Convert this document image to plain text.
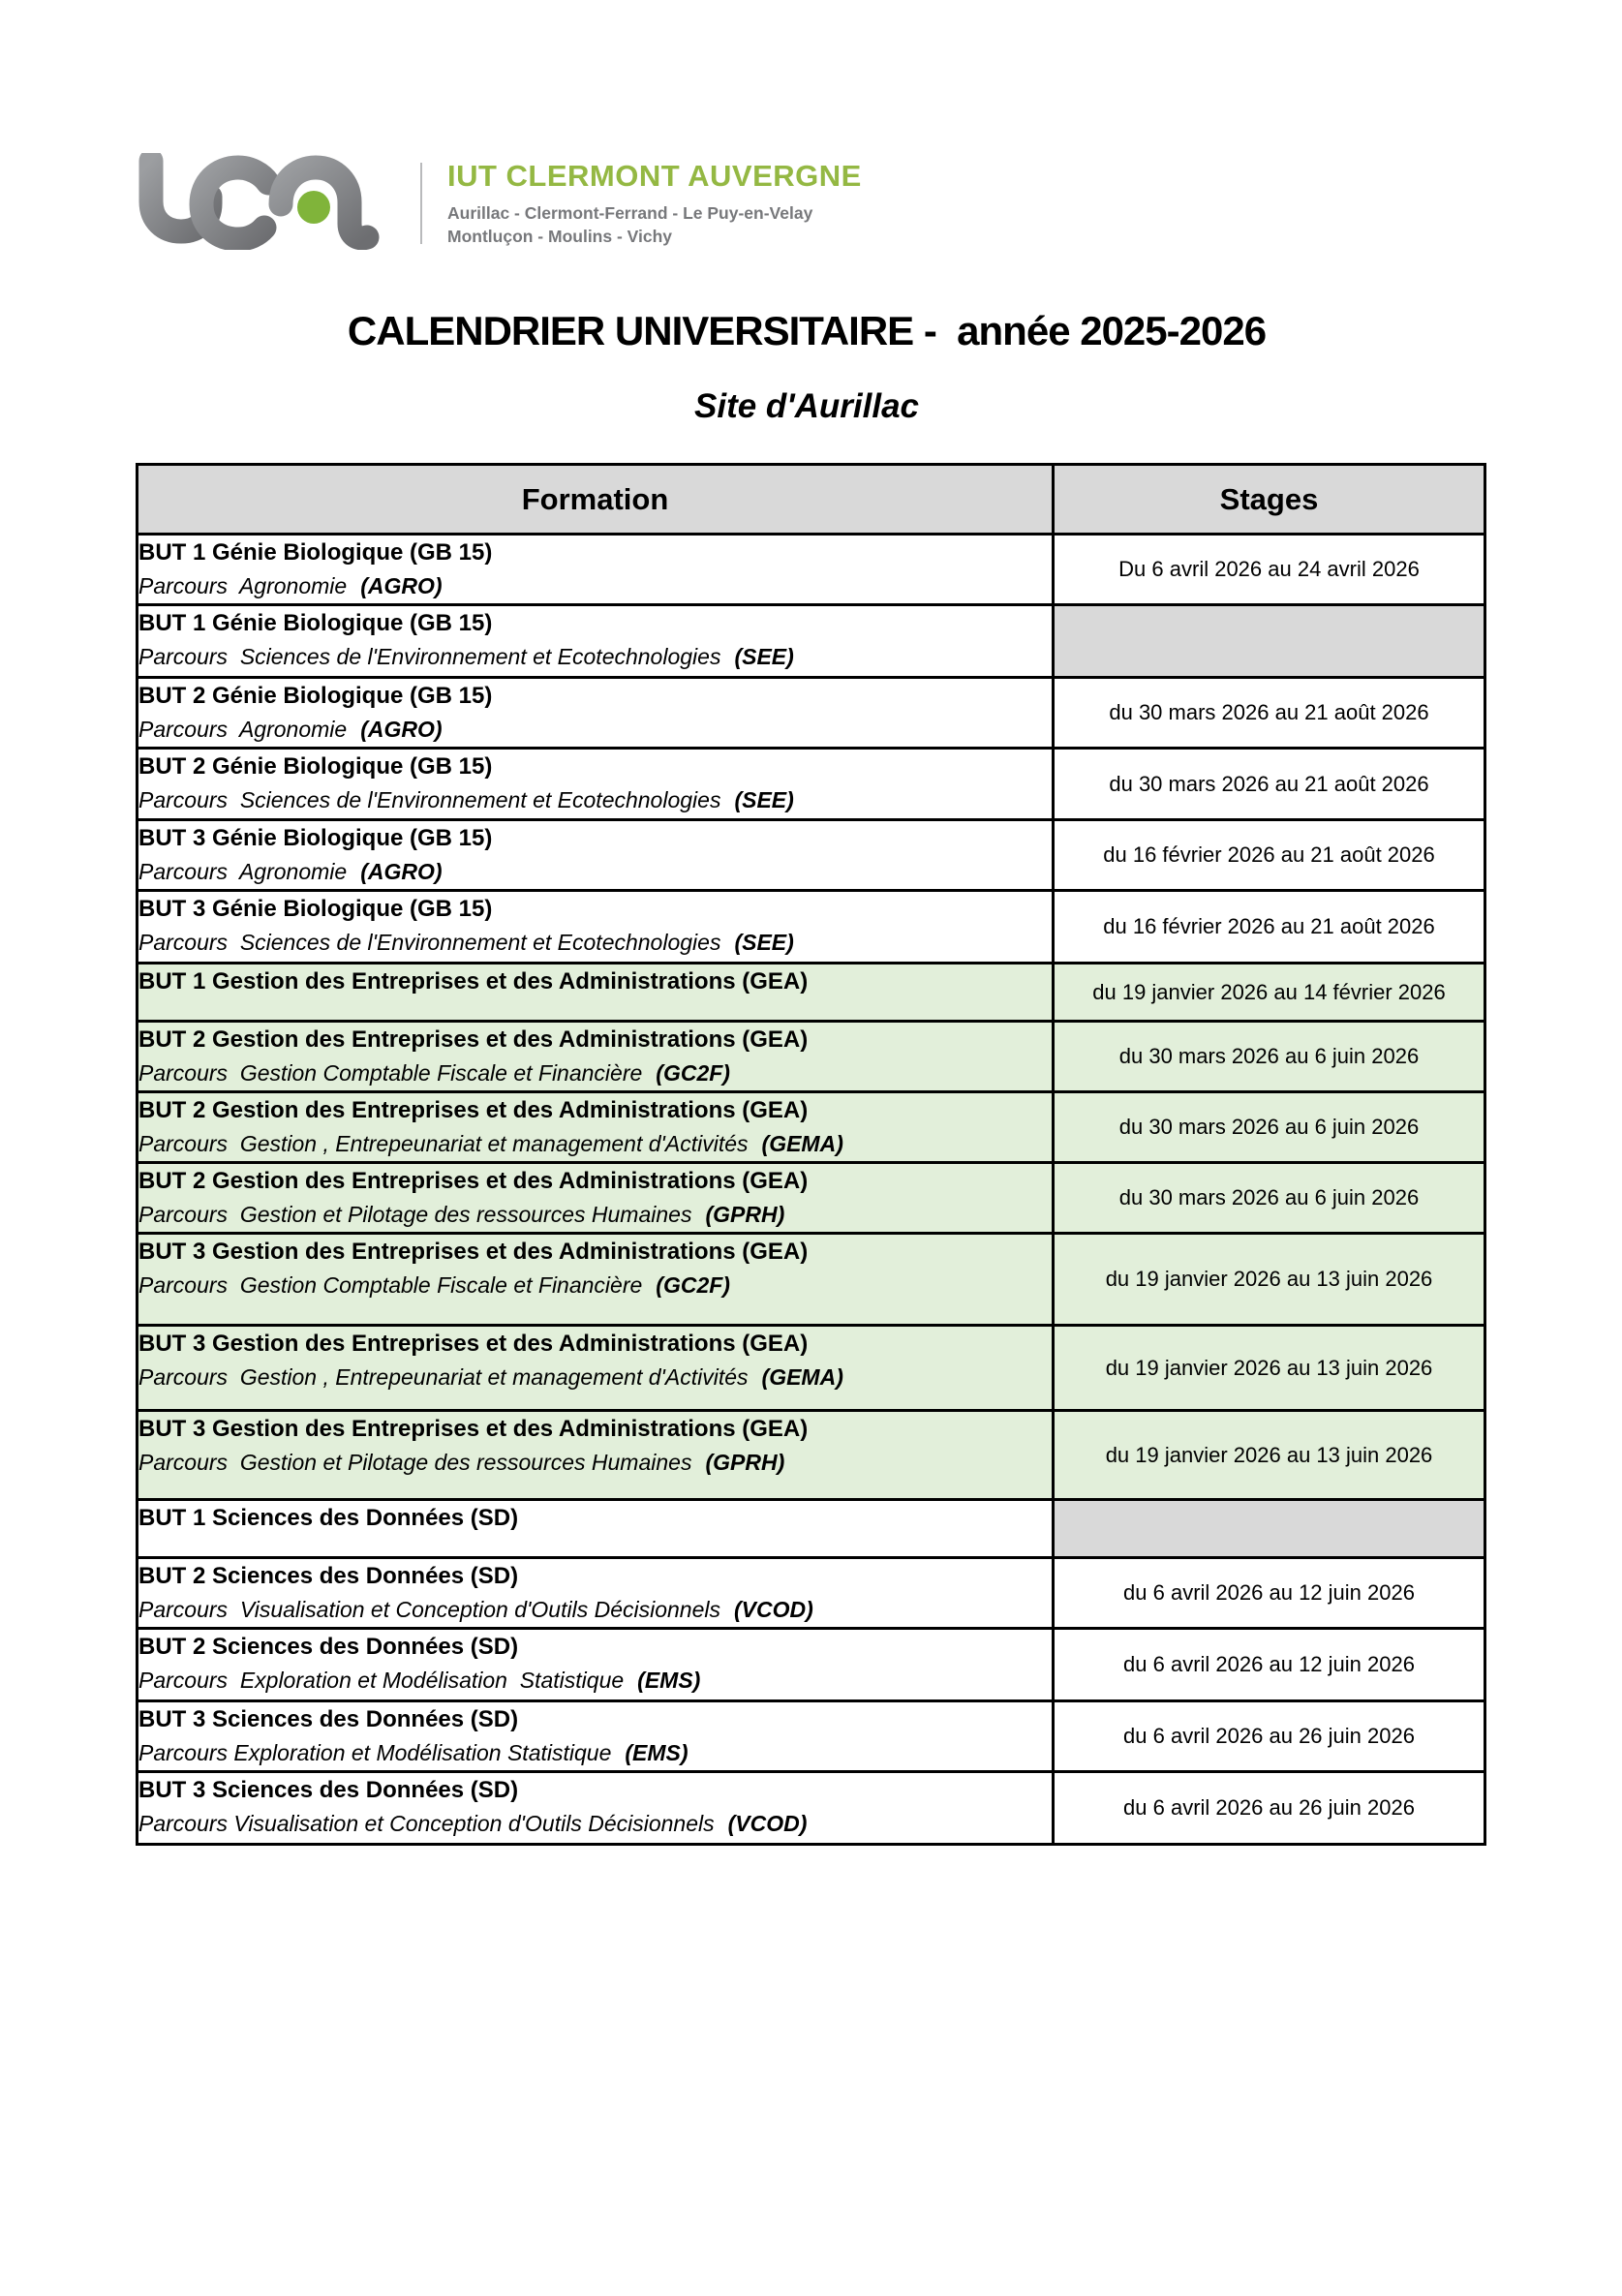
IUT CLERMONT AUVERGNE
Aurillac - Clermont-Ferrand - Le Puy-en-Velay
Montluçon - Moulins - Vichy
CALENDRIER UNIVERSITAIRE -  année 2025-2026
Site d'Aurillac
Formation	Stages

BUT 1 Génie Biologique (GB 15)
Parcours  Agronomie (AGRO)	Du 6 avril 2026 au 24 avril 2026

BUT 1 Génie Biologique (GB 15)
Parcours  Sciences de l'Environnement et Ecotechnologies (SEE)	

BUT 2 Génie Biologique (GB 15)
Parcours  Agronomie (AGRO)	du 30 mars 2026 au 21 août 2026

BUT 2 Génie Biologique (GB 15)
Parcours  Sciences de l'Environnement et Ecotechnologies (SEE)	du 30 mars 2026 au 21 août 2026

BUT 3 Génie Biologique (GB 15)
Parcours  Agronomie (AGRO)	du 16 février 2026 au 21 août 2026

BUT 3 Génie Biologique (GB 15)
Parcours  Sciences de l'Environnement et Ecotechnologies (SEE)	du 16 février 2026 au 21 août 2026

BUT 1 Gestion des Entreprises et des Administrations (GEA)	du 19 janvier 2026 au 14 février 2026

BUT 2 Gestion des Entreprises et des Administrations (GEA)
Parcours  Gestion Comptable Fiscale et Financière (GC2F)	du 30 mars 2026 au 6 juin 2026

BUT 2 Gestion des Entreprises et des Administrations (GEA)
Parcours  Gestion , Entrepeunariat et management d'Activités (GEMA)	du 30 mars 2026 au 6 juin 2026

BUT 2 Gestion des Entreprises et des Administrations (GEA)
Parcours  Gestion et Pilotage des ressources Humaines (GPRH)	du 30 mars 2026 au 6 juin 2026

BUT 3 Gestion des Entreprises et des Administrations (GEA)
Parcours  Gestion Comptable Fiscale et Financière (GC2F)	du 19 janvier 2026 au 13 juin 2026

BUT 3 Gestion des Entreprises et des Administrations (GEA)
Parcours  Gestion , Entrepeunariat et management d'Activités (GEMA)	du 19 janvier 2026 au 13 juin 2026

BUT 3 Gestion des Entreprises et des Administrations (GEA)
Parcours  Gestion et Pilotage des ressources Humaines (GPRH)	du 19 janvier 2026 au 13 juin 2026

BUT 1 Sciences des Données (SD)	

BUT 2 Sciences des Données (SD)
Parcours  Visualisation et Conception d'Outils Décisionnels (VCOD)	du 6 avril 2026 au 12 juin 2026

BUT 2 Sciences des Données (SD)
Parcours  Exploration et Modélisation  Statistique (EMS)	du 6 avril 2026 au 12 juin 2026

BUT 3 Sciences des Données (SD)
Parcours Exploration et Modélisation Statistique (EMS)	du 6 avril 2026 au 26 juin 2026

BUT 3 Sciences des Données (SD)
Parcours Visualisation et Conception d'Outils Décisionnels (VCOD)	du 6 avril 2026 au 26 juin 2026
